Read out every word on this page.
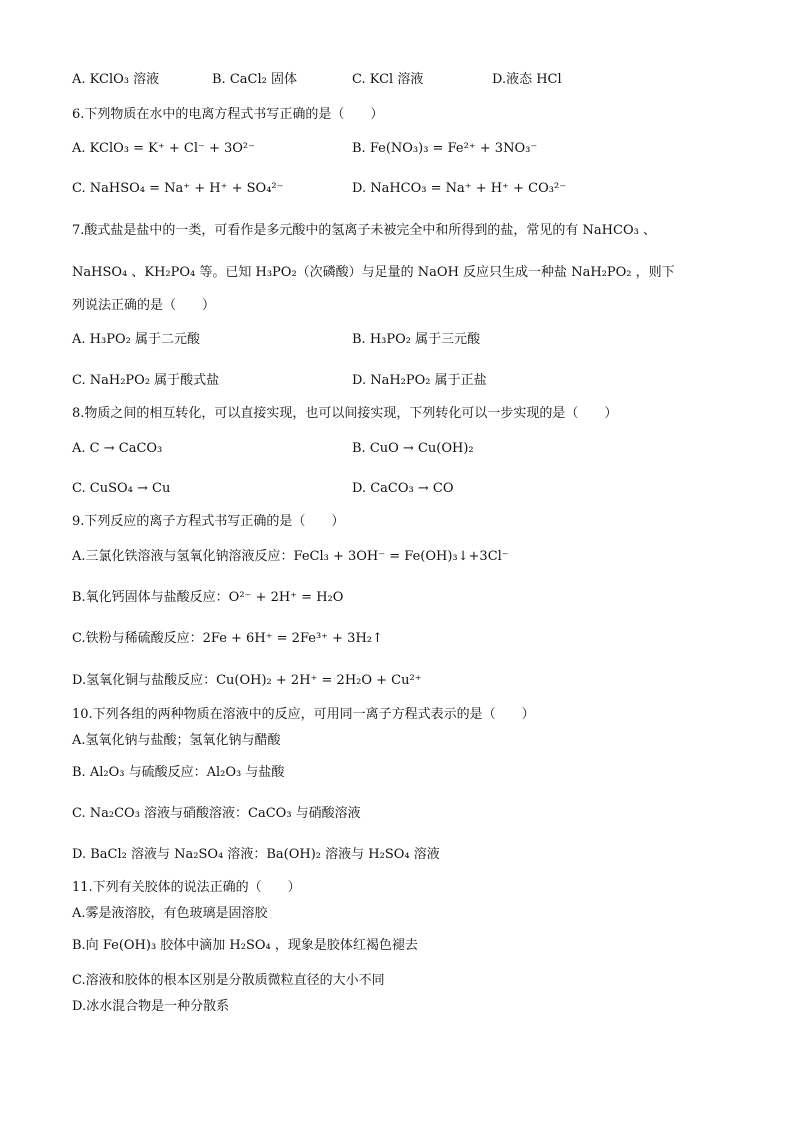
A. KClO₃ 溶液	B. CaCl₂ 固体	C. KCl 溶液	D.液态 HCl
6.下列物质在水中的电离方程式书写正确的是（　　）
A. KClO₃ = K⁺ + Cl⁻ + 3O²⁻	B. Fe(NO₃)₃ = Fe²⁺ + 3NO₃⁻
C. NaHSO₄ = Na⁺ + H⁺ + SO₄²⁻	D. NaHCO₃ = Na⁺ + H⁺ + CO₃²⁻
7.酸式盐是盐中的一类，可看作是多元酸中的氢离子未被完全中和所得到的盐，常见的有 NaHCO₃ 、
NaHSO₄ 、KH₂PO₄ 等。已知 H₃PO₂（次磷酸）与足量的 NaOH 反应只生成一种盐 NaH₂PO₂ ，则下
列说法正确的是（　　）
A. H₃PO₂ 属于二元酸	B. H₃PO₂ 属于三元酸
C. NaH₂PO₂ 属于酸式盐	D. NaH₂PO₂ 属于正盐
8.物质之间的相互转化，可以直接实现，也可以间接实现，下列转化可以一步实现的是（　　）
A. C → CaCO₃	B. CuO → Cu(OH)₂
C. CuSO₄ → Cu	D. CaCO₃ → CO
9.下列反应的离子方程式书写正确的是（　　）
A.三氯化铁溶液与氢氧化钠溶液反应：FeCl₃ + 3OH⁻ = Fe(OH)₃↓+3Cl⁻
B.氧化钙固体与盐酸反应：O²⁻ + 2H⁺ = H₂O
C.铁粉与稀硫酸反应：2Fe + 6H⁺ = 2Fe³⁺ + 3H₂↑
D.氢氧化铜与盐酸反应：Cu(OH)₂ + 2H⁺ = 2H₂O + Cu²⁺
10.下列各组的两种物质在溶液中的反应，可用同一离子方程式表示的是（　　）
A.氢氧化钠与盐酸；氢氧化钠与醋酸
B. Al₂O₃ 与硫酸反应：Al₂O₃ 与盐酸
C. Na₂CO₃ 溶液与硝酸溶液：CaCO₃ 与硝酸溶液
D. BaCl₂ 溶液与 Na₂SO₄ 溶液：Ba(OH)₂ 溶液与 H₂SO₄ 溶液
11.下列有关胶体的说法正确的（　　）
A.雾是液溶胶，有色玻璃是固溶胶
B.向 Fe(OH)₃ 胶体中滴加 H₂SO₄ ，现象是胶体红褐色褪去
C.溶液和胶体的根本区别是分散质微粒直径的大小不同
D.冰水混合物是一种分散系
